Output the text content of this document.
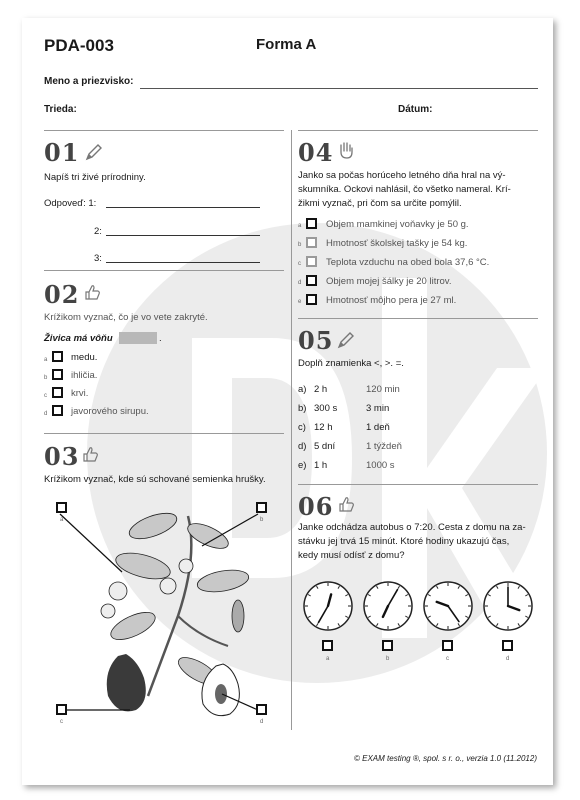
PDA-003	Forma A
Meno a priezvisko:
Trieda:	Dátum:
01
Napíš tri živé prírodniny.
Odpoveď: 1:
2:
3:
02
Krížikom vyznač, čo je vo vete zakryté.
Živica má vôňu	.
a medu.
b ihličia.
c	krvi.
d javorového sirupu.
03
Krížikom vyznač, kde sú schované semienka hrušky.
a	b
c	d
04
Janko sa počas horúceho letného dňa hral na vý-
skumníka. Ockovi nahlásil, čo všetko nameral. Krí-
žikmi vyznač, pri čom sa určite pomýlil.
a	Objem mamkinej voňavky je 50 g.
b	Hmotnosť školskej tašky je 54 kg.
c	Teplota vzduchu na obed bola 37,6 °C.
d	Objem mojej šálky je 20 litrov.
e	Hmotnosť môjho pera je 27 ml.
05
Doplň znamienka <, >. =.
a) 2 h	120 min
b) 300 s	3 min
c) 12 h	1 deň
d) 5 dní	1 týždeň
e) 1 h	1000 s
06
Janke odchádza autobus o 7:20. Cesta z domu na za-
stávku jej trvá 15 minút. Ktoré hodiny ukazujú čas,
kedy musí odísť z domu?
© EXAM testing ®, spol. s r. o., verzia 1.0 (11.2012)
a	b	c	d
